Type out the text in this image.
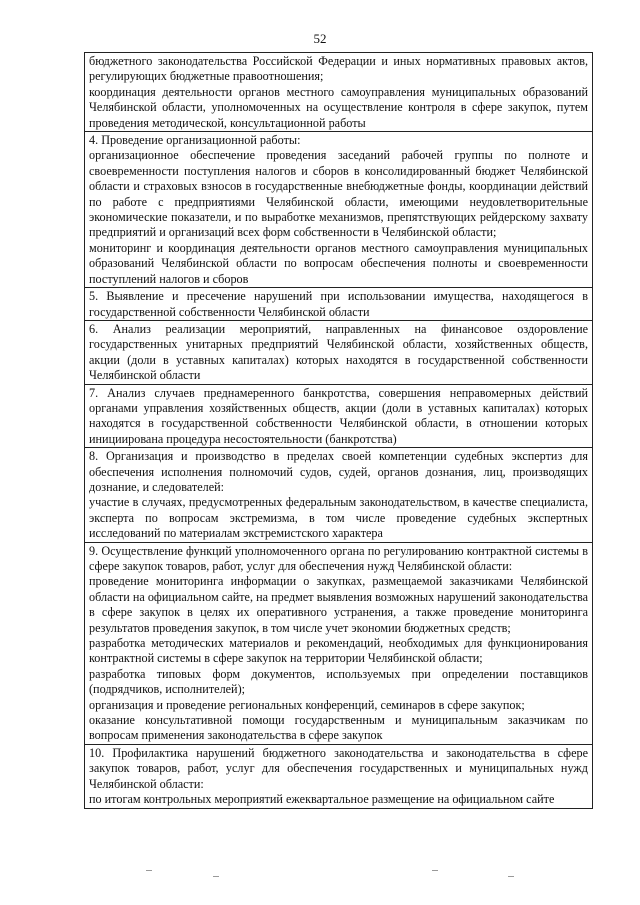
52

бюджетного законодательства Российской Федерации и иных нормативных правовых актов, регулирующих бюджетные правоотношения;

координация деятельности органов местного самоуправления муниципальных образований Челябинской области, уполномоченных на осуществление контроля в сфере закупок, путем проведения методической, консультационной работы

4. Проведение организационной работы:

организационное обеспечение проведения заседаний рабочей группы по полноте и своевременности поступления налогов и сборов в консолидированный бюджет Челябинской области и страховых взносов в государственные внебюджетные фонды, координации действий по работе с предприятиями Челябинской области, имеющими неудовлетворительные экономические показатели, и по выработке механизмов, препятствующих рейдерскому захвату предприятий и организаций всех форм собственности в Челябинской области;

мониторинг и координация деятельности органов местного самоуправления муниципальных образований Челябинской области по вопросам обеспечения полноты и своевременности поступлений налогов и сборов

5. Выявление и пресечение нарушений при использовании имущества, находящегося в государственной собственности Челябинской области

6. Анализ реализации мероприятий, направленных на финансовое оздоровление государственных унитарных предприятий Челябинской области, хозяйственных обществ, акции (доли в уставных капиталах) которых находятся в государственной собственности Челябинской области

7. Анализ случаев преднамеренного банкротства, совершения неправомерных действий органами управления хозяйственных обществ, акции (доли в уставных капиталах) которых находятся в государственной собственности Челябинской области, в отношении которых инициирована процедура несостоятельности (банкротства)

8. Организация и производство в пределах своей компетенции судебных экспертиз для обеспечения исполнения полномочий судов, судей, органов дознания, лиц, производящих дознание, и следователей:

участие в случаях, предусмотренных федеральным законодательством, в качестве специалиста, эксперта по вопросам экстремизма, в том числе проведение судебных экспертных исследований по материалам экстремистского характера

9. Осуществление функций уполномоченного органа по регулированию контрактной системы в сфере закупок товаров, работ, услуг для обеспечения нужд Челябинской области:

проведение мониторинга информации о закупках, размещаемой заказчиками Челябинской области на официальном сайте, на предмет выявления возможных нарушений законодательства в сфере закупок в целях их оперативного устранения, а также проведение мониторинга результатов проведения закупок, в том числе учет экономии бюджетных средств;

разработка методических материалов и рекомендаций, необходимых для функционирования контрактной системы в сфере закупок на территории Челябинской области;

разработка типовых форм документов, используемых при определении поставщиков (подрядчиков, исполнителей);

организация и проведение региональных конференций, семинаров в сфере закупок;

оказание консультативной помощи государственным и муниципальным заказчикам по вопросам применения законодательства в сфере закупок

10. Профилактика нарушений бюджетного законодательства и законодательства в сфере закупок товаров, работ, услуг для обеспечения государственных и муниципальных нужд Челябинской области:

по итогам контрольных мероприятий ежеквартальное размещение на официальном сайте
